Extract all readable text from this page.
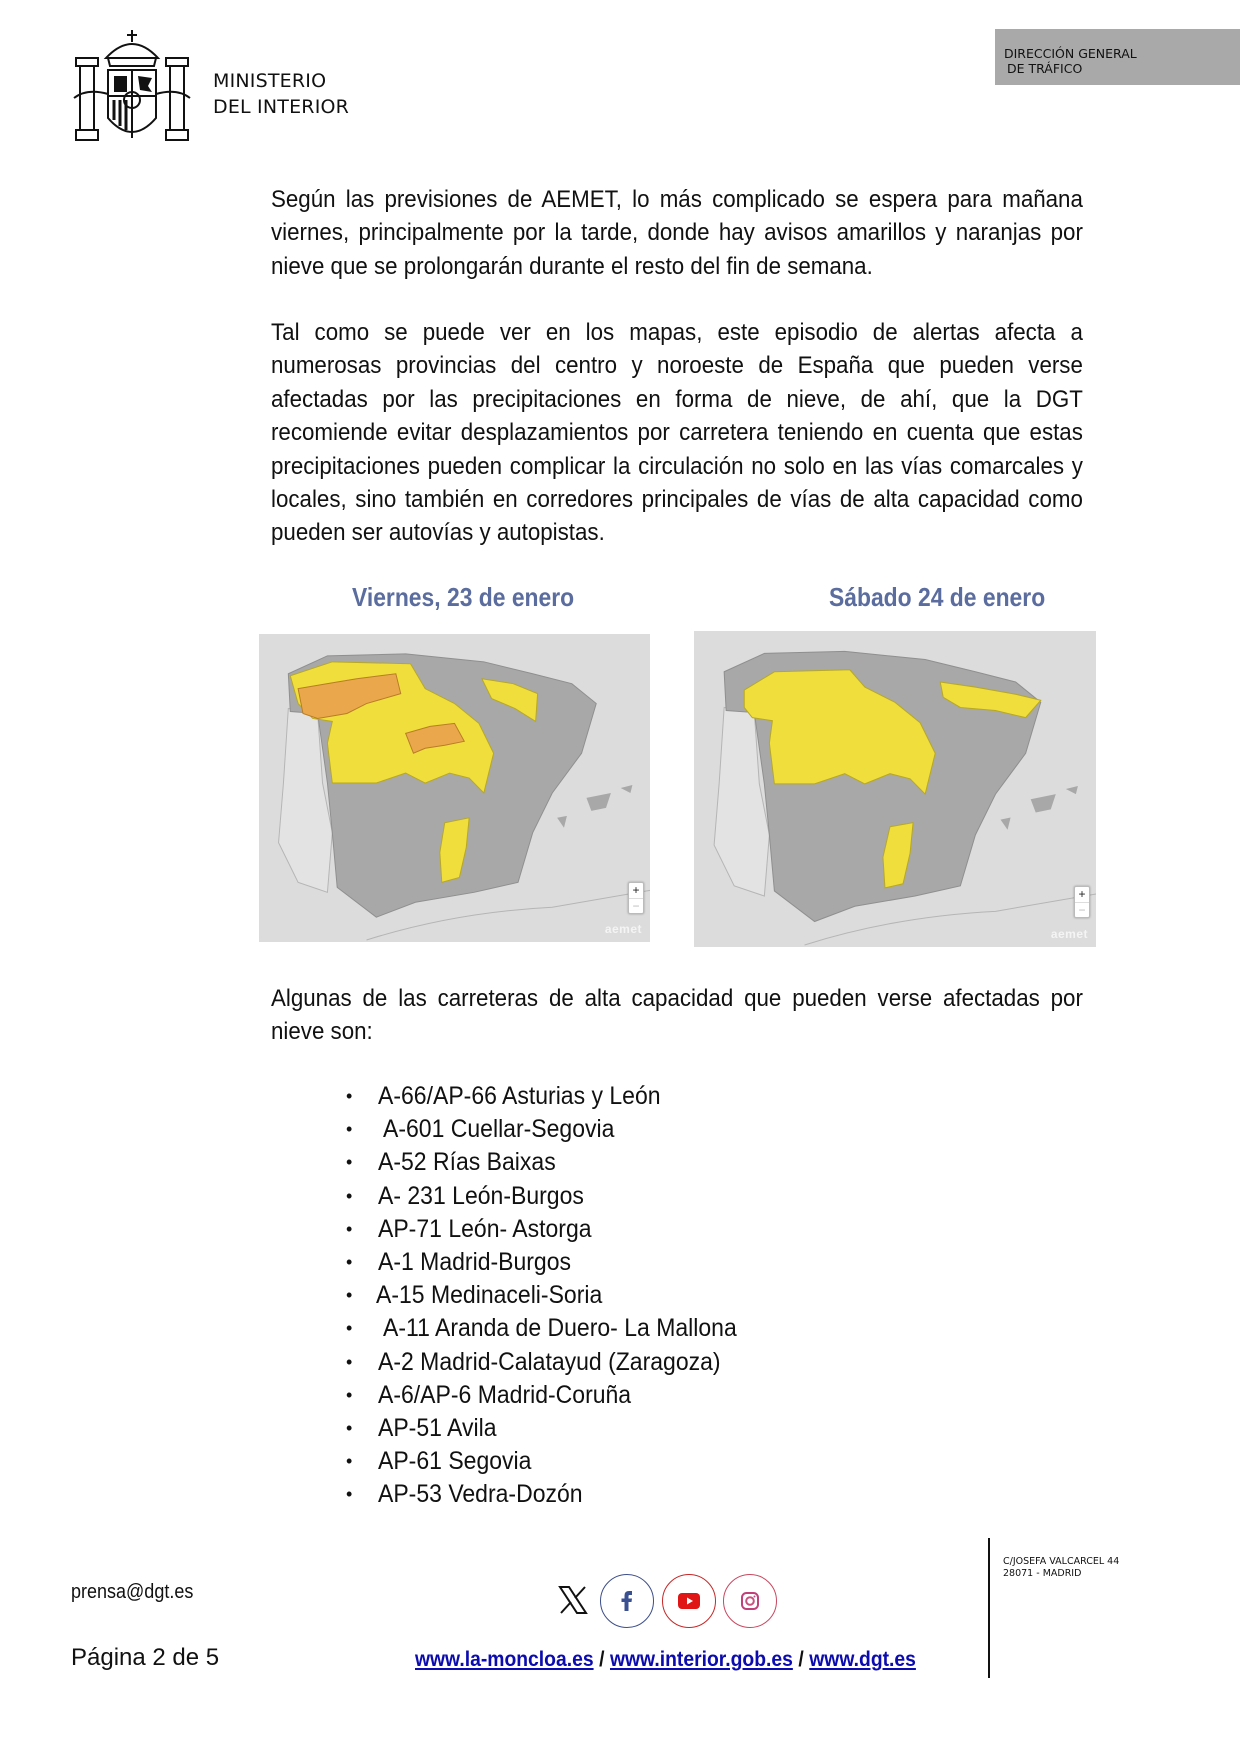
MINISTERIO
DEL INTERIOR
DIRECCIÓN GENERAL
DE TRÁFICO
Según las previsiones de AEMET, lo más complicado se espera para mañana viernes, principalmente por la tarde, donde hay avisos amarillos y naranjas por nieve que se prolongarán durante el resto del fin de semana.
Tal como se puede ver en los mapas, este episodio de alertas afecta a numerosas provincias del centro y noroeste de España que pueden verse afectadas por las precipitaciones en forma de nieve, de ahí, que la DGT recomiende evitar desplazamientos por carretera teniendo en cuenta que estas precipitaciones pueden complicar la circulación no solo en las vías comarcales y locales, sino también en corredores principales de vías de alta capacidad como pueden ser autovías y autopistas.
Viernes, 23 de enero	Sábado 24 de enero
+
−
aemet
+
−
aemet
Algunas de las carreteras de alta capacidad que pueden verse afectadas por nieve son:
• A-66/AP-66 Asturias y León
• A-601 Cuellar-Segovia
• A-52 Rías Baixas
• A- 231 León-Burgos
• AP-71 León- Astorga
• A-1 Madrid-Burgos
• A-15 Medinaceli-Soria
• A-11 Aranda de Duero- La Mallona
• A-2 Madrid-Calatayud (Zaragoza)
• A-6/AP-6 Madrid-Coruña
• AP-51 Avila
• AP-61 Segovia
• AP-53 Vedra-Dozón
prensa@dgt.es
Página 2 de 5	www.la-moncloa.es / www.interior.gob.es / www.dgt.es
C/JOSEFA VALCARCEL 44
28071 - MADRID
